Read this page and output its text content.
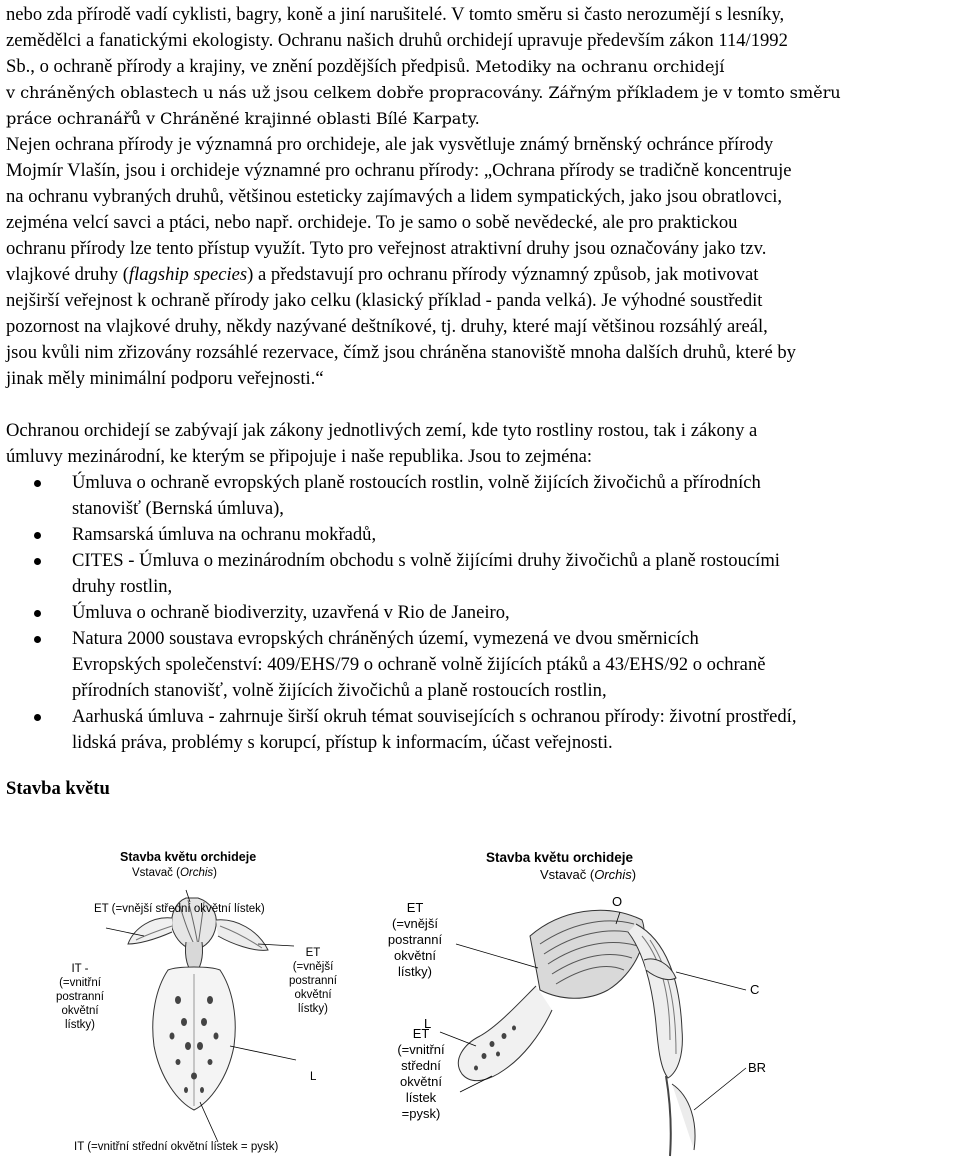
nebo zda přírodě vadí cyklisti, bagry, koně a jiní narušitelé. V tomto směru si často nerozumějí s lesníky,
zemědělci a fanatickými ekologisty. Ochranu našich druhů orchidejí upravuje především zákon 114/1992
Sb., o ochraně přírody a krajiny, ve znění pozdějších předpisů. Metodiky na ochranu orchidejí
v chráněných oblastech u nás už jsou celkem dobře propracovány. Zářným příkladem je v tomto směru
práce ochranářů v Chráněné krajinné oblasti Bílé Karpaty.

Nejen ochrana přírody je významná pro orchideje, ale jak vysvětluje známý brněnský ochránce přírody
Mojmír Vlašín, jsou i orchideje významné pro ochranu přírody: „Ochrana přírody se tradičně koncentruje
na ochranu vybraných druhů, většinou esteticky zajímavých a lidem sympatických, jako jsou obratlovci,
zejména velcí savci a ptáci, nebo např. orchideje. To je samo o sobě nevědecké, ale pro praktickou
ochranu přírody lze tento přístup využít. Tyto pro veřejnost atraktivní druhy jsou označovány jako tzv.
vlajkové druhy (flagship species) a představují pro ochranu přírody významný způsob, jak motivovat
nejširší veřejnost k ochraně přírody jako celku (klasický příklad - panda velká). Je výhodné soustředit
pozornost na vlajkové druhy, někdy nazývané deštníkové, tj. druhy, které mají většinou rozsáhlý areál,
jsou kvůli nim zřizovány rozsáhlé rezervace, čímž jsou chráněna stanoviště mnoha dalších druhů, které by
jinak měly minimální podporu veřejnosti.“

Ochranou orchidejí se zabývají jak zákony jednotlivých zemí, kde tyto rostliny rostou, tak i zákony a
úmluvy mezinárodní, ke kterým se připojuje i naše republika. Jsou to zejména:

Úmluva o ochraně evropských planě rostoucích rostlin, volně žijících živočichů a přírodních
stanovišť (Bernská úmluva),
Ramsarská úmluva na ochranu mokřadů,
CITES - Úmluva o mezinárodním obchodu s volně žijícími druhy živočichů a planě rostoucími
druhy rostlin,
Úmluva o ochraně biodiverzity, uzavřená v Rio de Janeiro,
Natura 2000 soustava evropských chráněných území, vymezená ve dvou směrnicích
Evropských společenství: 409/EHS/79 o ochraně volně žijících ptáků a 43/EHS/92 o ochraně
přírodních stanovišť, volně žijících živočichů a planě rostoucích rostlin,
Aarhuská úmluva - zahrnuje širší okruh témat souvisejících s ochranou přírody: životní prostředí,
lidská práva, problémy s korupcí, přístup k informacím, účast veřejnosti.
Stavba květu
Stavba květu orchideje
Vstavač (Orchis)
ET (=vnější střední okvětní lístek)
IT -
(=vnitřní
postranní
okvětní
lístky)
ET
(=vnější
postranní
okvětní
lístky)
L
IT (=vnitřní střední okvětní lístek = pysk)
Stavba květu orchideje
Vstavač (Orchis)
ET
(=vnější
postranní
okvětní
lístky)
O
C
L
ET
(=vnitřní
střední
okvětní
lístek
=pysk)
BR
